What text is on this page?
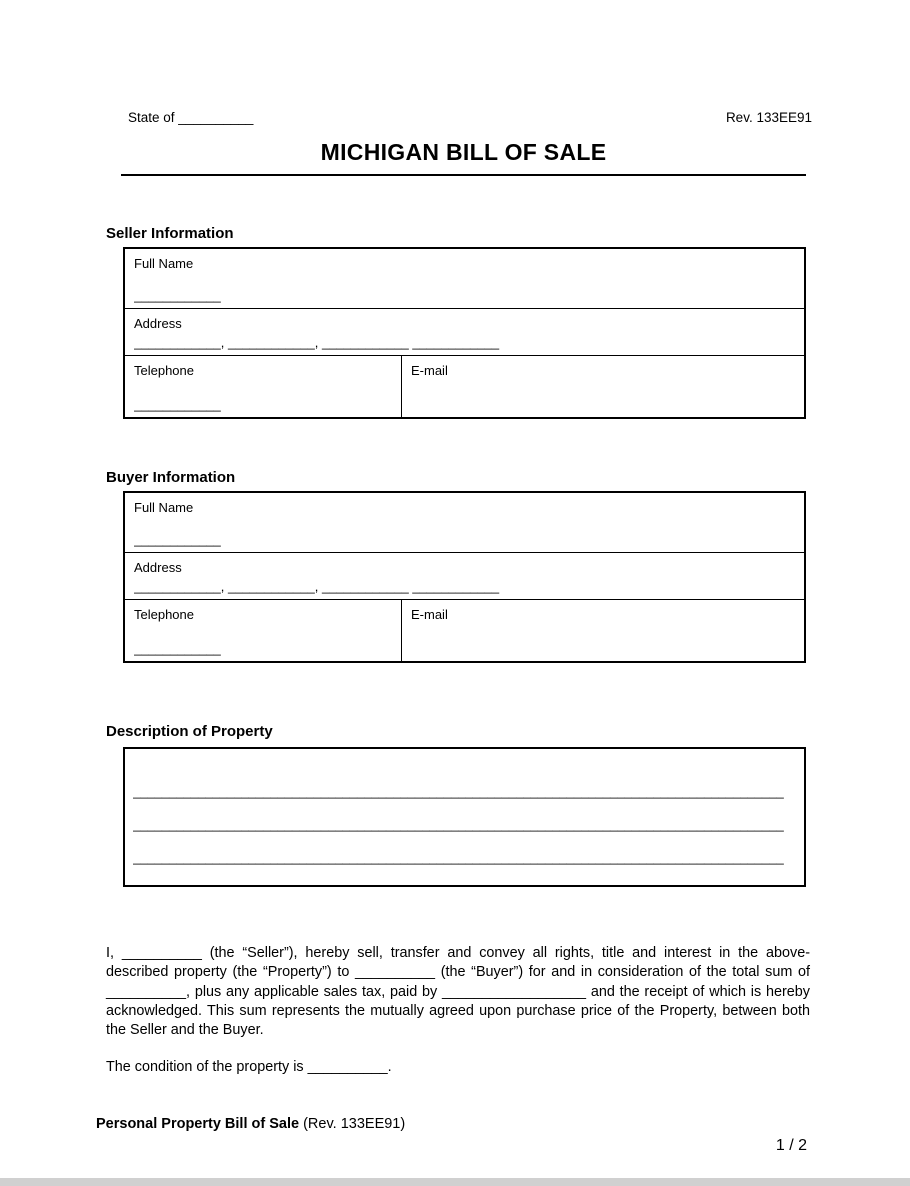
State of __________	Rev. 133EE91
MICHIGAN BILL OF SALE
Seller Information
Full Name
____________
Address
____________, ____________, ____________ ____________
Telephone
____________
E-mail
Buyer Information
Full Name
____________
Address
____________, ____________, ____________ ____________
Telephone
____________
E-mail
Description of Property
__________________________________________________________________________________________
__________________________________________________________________________________________
__________________________________________________________________________________________

I, __________ (the “Seller”), hereby sell, transfer and convey all rights, title and interest in the above-described property (the “Property”) to __________ (the “Buyer”) for and in consideration of the total sum of __________, plus any applicable sales tax, paid by __________________ and the receipt of which is hereby acknowledged. This sum represents the mutually agreed upon purchase price of the Property, between both the Seller and the Buyer.

The condition of the property is __________.

Personal Property Bill of Sale (Rev. 133EE91)
1 / 2
